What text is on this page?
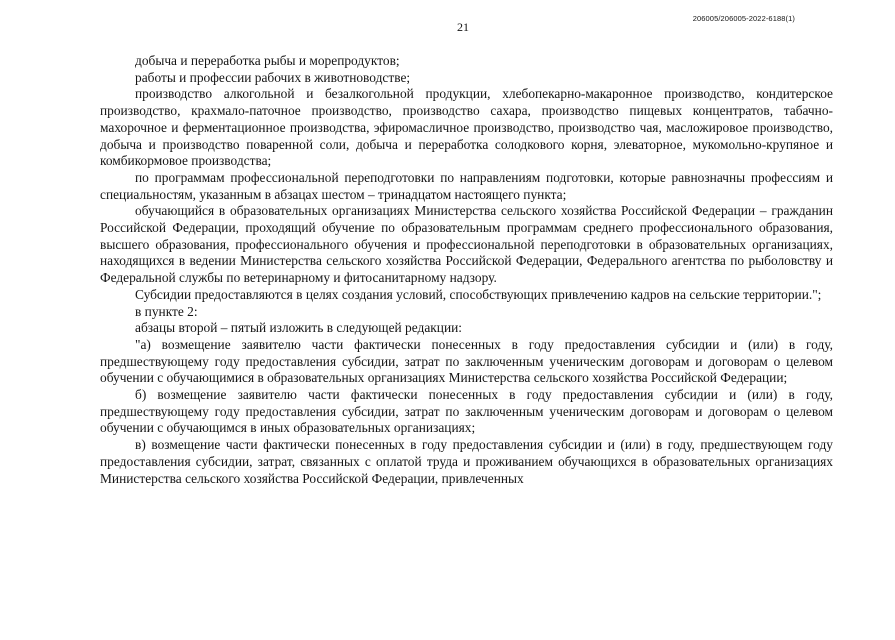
21
206005/206005-2022-6188(1)

добыча и переработка рыбы и морепродуктов;

работы и профессии рабочих в животноводстве;

производство алкогольной и безалкогольной продукции, хлебопекарно-макаронное производство, кондитерское производство, крахмало-паточное производство, производство сахара, производство пищевых концентратов, табачно-махорочное и ферментационное производства, эфиромасличное производство, производство чая, масложировое производство, добыча и производство поваренной соли, добыча и переработка солодкового корня, элеваторное, мукомольно-крупяное и комбикормовое производства;

по программам профессиональной переподготовки по направлениям подготовки, которые равнозначны профессиям и специальностям, указанным в абзацах шестом – тринадцатом настоящего пункта;

обучающийся в образовательных организациях Министерства сельского хозяйства Российской Федерации – гражданин Российской Федерации, проходящий обучение по образовательным программам среднего профессионального образования, высшего образования, профессионального обучения и профессиональной переподготовки в образовательных организациях, находящихся в ведении Министерства сельского хозяйства Российской Федерации, Федерального агентства по рыболовству и Федеральной службы по ветеринарному и фитосанитарному надзору.

Субсидии предоставляются в целях создания условий, способствующих привлечению кадров на сельские территории.";

в пункте 2:

абзацы второй – пятый изложить в следующей редакции:

"а) возмещение заявителю части фактически понесенных в году предоставления субсидии и (или) в году, предшествующему году предоставления субсидии, затрат по заключенным ученическим договорам и договорам о целевом обучении с обучающимися в образовательных организациях Министерства сельского хозяйства Российской Федерации;

б) возмещение заявителю части фактически понесенных в году предоставления субсидии и (или) в году, предшествующему году предоставления субсидии, затрат по заключенным ученическим договорам и договорам о целевом обучении с обучающимся в иных образовательных организациях;

в) возмещение части фактически понесенных в году предоставления субсидии и (или) в году, предшествующем году предоставления субсидии, затрат, связанных с оплатой труда и проживанием обучающихся в образовательных организациях Министерства сельского хозяйства Российской Федерации, привлеченных
